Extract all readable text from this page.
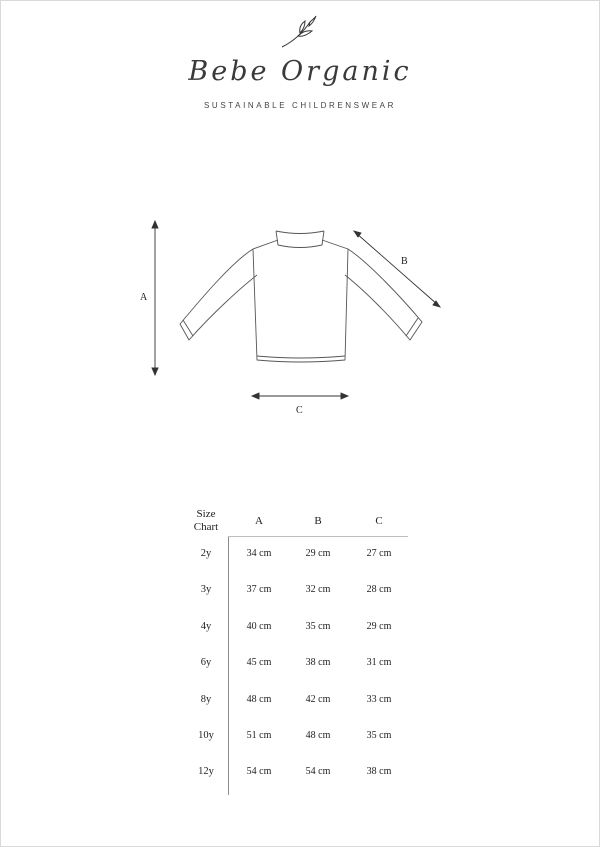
Bebe Organic
SUSTAINABLE CHILDRENSWEAR
A
B
C
Size
Chart	A	B	C
2y	34 cm	29 cm	27 cm
3y	37 cm	32 cm	28 cm
4y	40 cm	35 cm	29 cm
6y	45 cm	38 cm	31 cm
8y	48 cm	42 cm	33 cm
10y	51 cm	48 cm	35 cm
12y	54 cm	54 cm	38 cm
